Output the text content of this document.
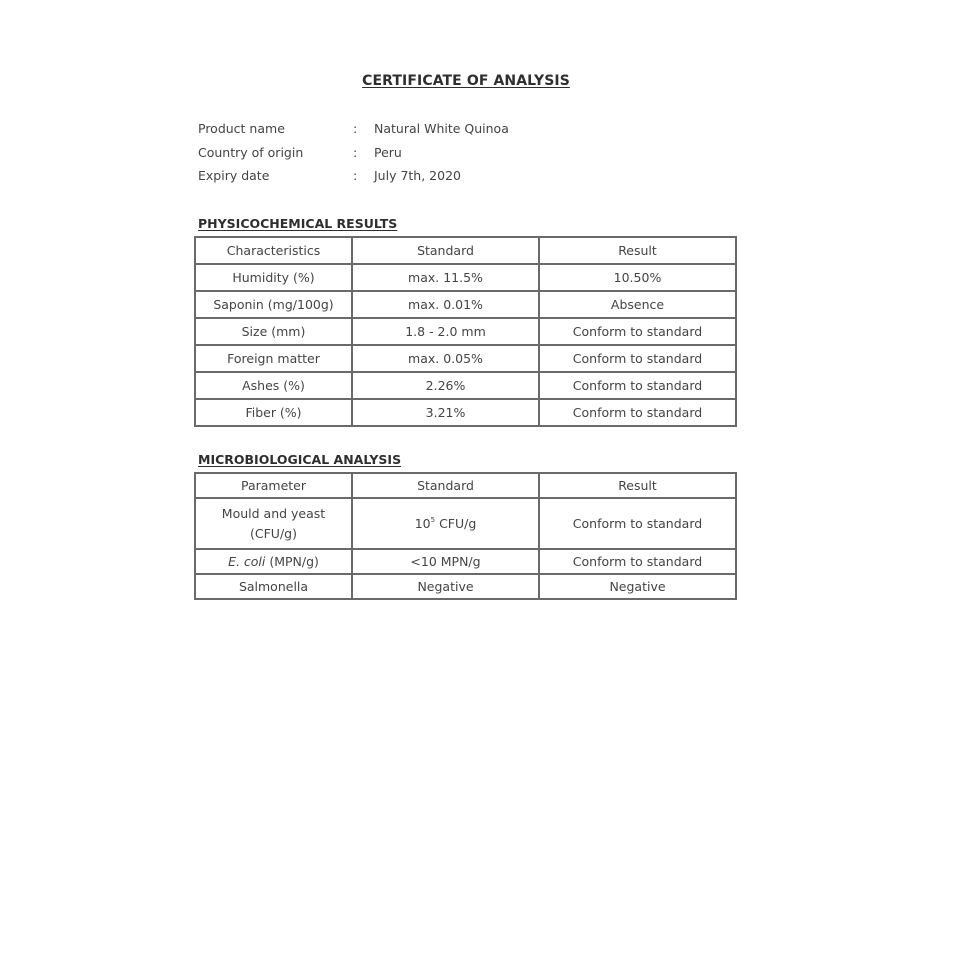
CERTIFICATE OF ANALYSIS
Product name	: Natural White Quinoa
Country of origin	: Peru
Expiry date	: July 7th, 2020
PHYSICOCHEMICAL RESULTS
Characteristics	Standard	Result
Humidity (%)	max. 11.5%	10.50%
Saponin (mg/100g)	max. 0.01%	Absence
Size (mm)	1.8 - 2.0 mm	Conform to standard
Foreign matter	max. 0.05%	Conform to standard
Ashes (%)	2.26%	Conform to standard
Fiber (%)	3.21%	Conform to standard
MICROBIOLOGICAL ANALYSIS
Parameter	Standard	Result

Mould and yeast
(CFU/g)	$10^5$ CFU/g	Conform to standard
E. coli (MPN/g)	<10 MPN/g	Conform to standard
Salmonella	Negative	Negative
